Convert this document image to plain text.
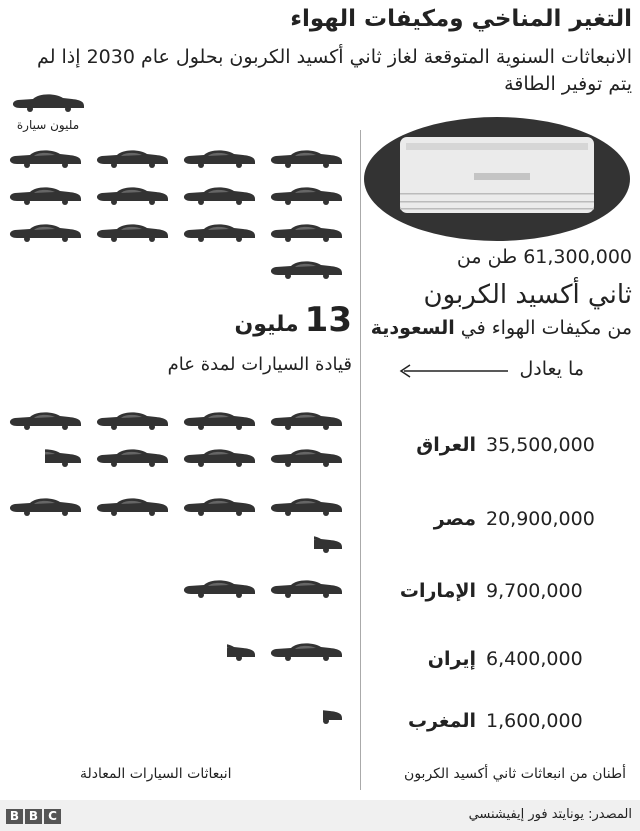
التغير المناخي ومكيفات الهواء

الانبعاثات السنوية المتوقعة لغاز ثاني أكسيد الكربون بحلول عام 2030 إذا لم يتم توفير الطاقة

مليون سيارة
61,300,000 طن من
ثاني أكسيد الكربون
من مكيفات الهواء في السعودية
ما يعادل
مليون 13
قيادة السيارات لمدة عام
العراق 35,500,000
مصر 20,900,000
الإمارات 9,700,000
إيران 6,400,000
المغرب 1,600,000
أطنان من انبعاثات ثاني أكسيد الكربون
انبعاثات السيارات المعادلة
B B C	المصدر: يونايتد فور إيفيشنسي
